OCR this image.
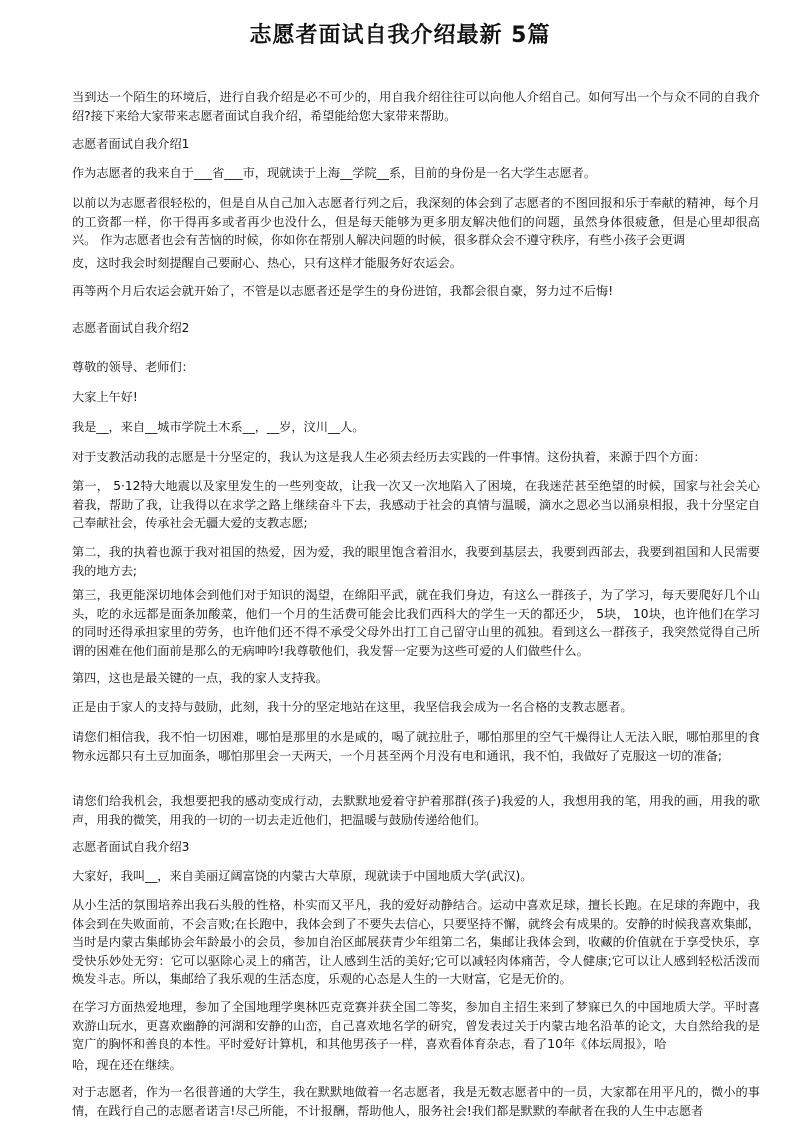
志愿者面试自我介绍最新 5篇

当到达一个陌生的环境后，进行自我介绍是必不可少的，用自我介绍往往可以向他人介绍自己。如何写出一个与众不同的自我介绍?接下来给大家带来志愿者面试自我介绍，希望能给您大家带来帮助。

志愿者面试自我介绍1

作为志愿者的我来自于___省___市，现就读于上海__学院__系，目前的身份是一名大学生志愿者。

以前以为志愿者很轻松的，但是自从自己加入志愿者行列之后，我深刻的体会到了志愿者的不图回报和乐于奉献的精神，每个月的工资都一样，你干得再多或者再少也没什么，但是每天能够为更多朋友解决他们的问题，虽然身体很疲惫，但是心里却很高兴。 作为志愿者也会有苦恼的时候，你如你在帮别人解决问题的时候，很多群众会不遵守秩序，有些小孩子会更调

皮，这时我会时刻提醒自己要耐心、热心，只有这样才能服务好农运会。

再等两个月后农运会就开始了，不管是以志愿者还是学生的身份进馆，我都会很自豪，努力过不后悔!

志愿者面试自我介绍2

尊敬的领导、老师们：

大家上午好!

我是__，来自__城市学院土木系__，__岁，汶川__人。

对于支教活动我的志愿是十分坚定的，我认为这是我人生必须去经历去实践的一件事情。这份执着，来源于四个方面：

第一， 5·12特大地震以及家里发生的一些列变故，让我一次又一次地陷入了困境，在我迷茫甚至绝望的时候，国家与社会关心着我，帮助了我，让我得以在求学之路上继续奋斗下去，我感动于社会的真情与温暖，滴水之恩必当以涌泉相报，我十分坚定自己奉献社会，传承社会无疆大爱的支教志愿;

第二，我的执着也源于我对祖国的热爱，因为爱，我的眼里饱含着泪水，我要到基层去，我要到西部去，我要到祖国和人民需要我的地方去;

第三，我更能深切地体会到他们对于知识的渴望，在绵阳平武，就在我们身边，有这么一群孩子，为了学习，每天要爬好几个山头，吃的永远都是面条加酸菜，他们一个月的生活费可能会比我们西科大的学生一天的都还少， 5块， 10块，也许他们在学习的同时还得承担家里的劳务，也许他们还不得不承受父母外出打工自己留守山里的孤独。看到这么一群孩子，我突然觉得自己所谓的困难在他们面前是那么的无病呻吟!我尊敬他们，我发誓一定要为这些可爱的人们做些什么。

第四，这也是最关键的一点，我的家人支持我。

正是由于家人的支持与鼓励，此刻，我十分的坚定地站在这里，我坚信我会成为一名合格的支教志愿者。

请您们相信我，我不怕一切困难，哪怕是那里的水是咸的，喝了就拉肚子，哪怕那里的空气干燥得让人无法入眠，哪怕那里的食物永远都只有土豆加面条，哪怕那里会一天两天，一个月甚至两个月没有电和通讯，我不怕，我做好了克服这一切的准备;

请您们给我机会，我想要把我的感动变成行动，去默默地爱着守护着那群(孩子)我爱的人，我想用我的笔，用我的画，用我的歌声，用我的微笑，用我的一切的一切去走近他们，把温暖与鼓励传递给他们。

志愿者面试自我介绍3

大家好，我叫__，来自美丽辽阔富饶的内蒙古大草原，现就读于中国地质大学(武汉)。

从小生活的氛围培养出我石头般的性格，朴实而又平凡，我的爱好动静结合。运动中喜欢足球，擅长长跑。在足球的奔跑中，我体会到在失败面前，不会言败;在长跑中，我体会到了不要失去信心，只要坚持不懈，就终会有成果的。安静的时候我喜欢集邮，当时是内蒙古集邮协会年龄最小的会员，参加自治区邮展获青少年组第二名，集邮让我体会到，收藏的价值就在于享受快乐，享受快乐妙处无穷：它可以驱除心灵上的痛苦，让人感到生活的美好;它可以减轻肉体痛苦，令人健康;它可以让人感到轻松活泼而焕发斗志。所以，集邮给了我乐观的生活态度，乐观的心态是人生的一大财富，它是无价的。

在学习方面热爱地理，参加了全国地理学奥林匹克竞赛并获全国二等奖，参加自主招生来到了梦寐已久的中国地质大学。平时喜欢游山玩水，更喜欢幽静的河湖和安静的山峦，自己喜欢地名学的研究，曾发表过关于内蒙古地名沿革的论文，大自然给我的是宽广的胸怀和善良的本性。平时爱好计算机，和其他男孩子一样，喜欢看体育杂志，看了10年《体坛周报》，哈

哈，现在还在继续。

对于志愿者，作为一名很普通的大学生，我在默默地做着一名志愿者，我是无数志愿者中的一员，大家都在用平凡的，微小的事情，在践行自己的志愿者诺言!尽己所能，不计报酬，帮助他人，服务社会!我们都是默默的奉献者在我的人生中志愿者
